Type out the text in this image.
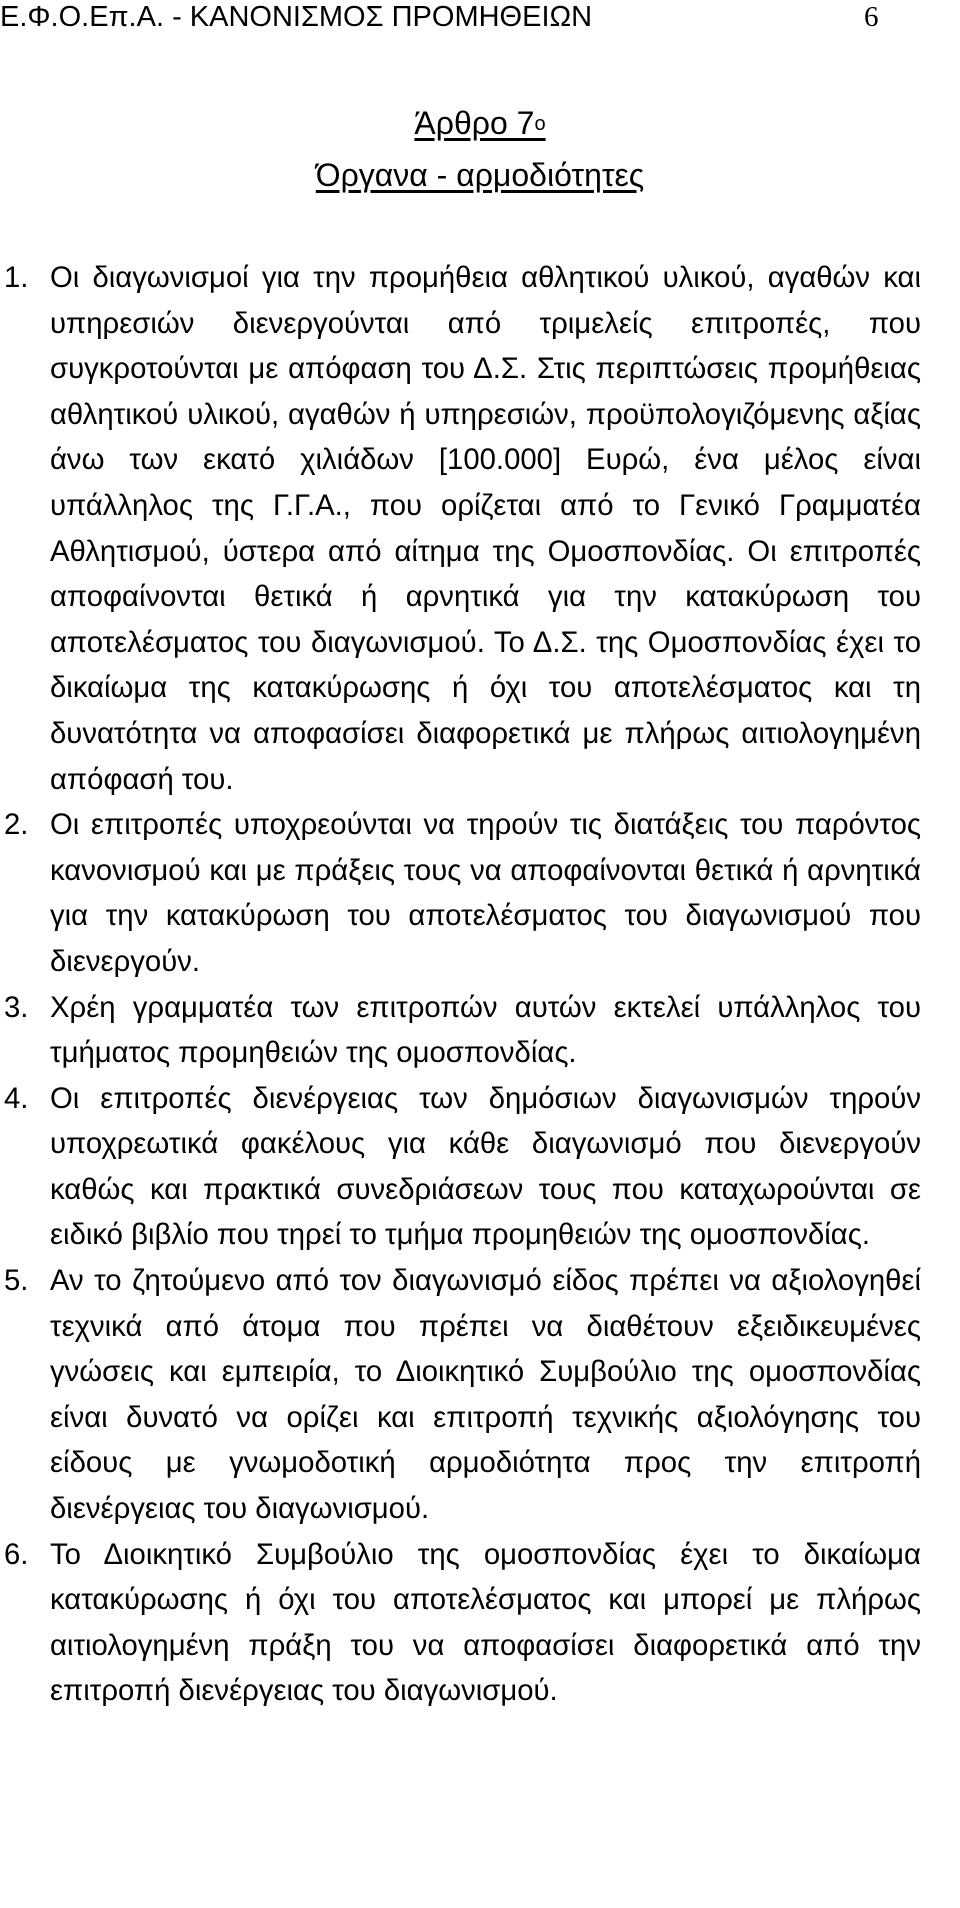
Ε.Φ.Ο.Επ.Α. - ΚΑΝΟΝΙΣΜΟΣ ΠΡΟΜΗΘΕΙΩΝ	6
Άρθρο $7^o$
Όργανα - αρμοδιότητες
1. Οι διαγωνισμοί για την προμήθεια αθλητικού υλικού, αγαθών και υπηρεσιών διενεργούνται από τριμελείς επιτροπές, που συγκροτούνται με απόφαση του Δ.Σ. Στις περιπτώσεις προμήθειας αθλητικού υλικού, αγαθών ή υπηρεσιών, προϋπολογιζόμενης αξίας άνω των εκατό χιλιάδων [100.000] Ευρώ, ένα μέλος είναι υπάλληλος της Γ.Γ.Α., που ορίζεται από το Γενικό Γραμματέα Αθλητισμού, ύστερα από αίτημα της Ομοσπονδίας. Οι επιτροπές αποφαίνονται θετικά ή αρνητικά για την κατακύρωση του αποτελέσματος του διαγωνισμού. Το Δ.Σ. της Ομοσπονδίας έχει το δικαίωμα της κατακύρωσης ή όχι του αποτελέσματος και τη δυνατότητα να αποφασίσει διαφορετικά με πλήρως αιτιολογημένη απόφασή του.
2. Οι επιτροπές υποχρεούνται να τηρούν τις διατάξεις του παρόντος κανονισμού και με πράξεις τους να αποφαίνονται θετικά ή αρνητικά για την κατακύρωση του αποτελέσματος του διαγωνισμού που διενεργούν.
3. Χρέη γραμματέα των επιτροπών αυτών εκτελεί υπάλληλος του τμήματος προμηθειών της ομοσπονδίας.
4. Οι επιτροπές διενέργειας των δημόσιων διαγωνισμών τηρούν υποχρεωτικά φακέλους για κάθε διαγωνισμό που διενεργούν καθώς και πρακτικά συνεδριάσεων τους που καταχωρούνται σε ειδικό βιβλίο που τηρεί το τμήμα προμηθειών της ομοσπονδίας.
5. Αν το ζητούμενο από τον διαγωνισμό είδος πρέπει να αξιολογηθεί τεχνικά από άτομα που πρέπει να διαθέτουν εξειδικευμένες γνώσεις και εμπειρία, το Διοικητικό Συμβούλιο της ομοσπονδίας είναι δυνατό να ορίζει και επιτροπή τεχνικής αξιολόγησης του είδους με γνωμοδοτική αρμοδιότητα προς την επιτροπή διενέργειας του διαγωνισμού.
6. Το Διοικητικό Συμβούλιο της ομοσπονδίας έχει το δικαίωμα κατακύρωσης ή όχι του αποτελέσματος και μπορεί με πλήρως αιτιολογημένη πράξη του να αποφασίσει διαφορετικά από την επιτροπή διενέργειας του διαγωνισμού.
